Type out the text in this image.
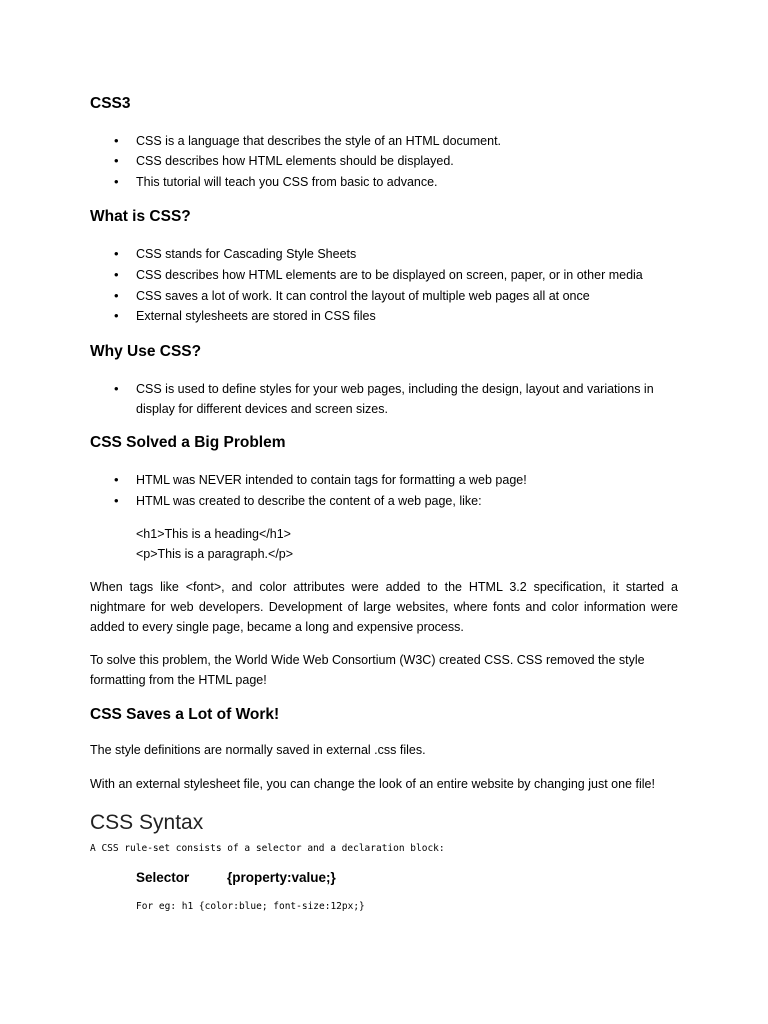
CSS3
• CSS is a language that describes the style of an HTML document.
• CSS describes how HTML elements should be displayed.
• This tutorial will teach you CSS from basic to advance.
What is CSS?
• CSS stands for Cascading Style Sheets
• CSS describes how HTML elements are to be displayed on screen, paper, or in other media
• CSS saves a lot of work. It can control the layout of multiple web pages all at once
• External stylesheets are stored in CSS files
Why Use CSS?
• CSS is used to define styles for your web pages, including the design, layout and variations in display for different devices and screen sizes.
CSS Solved a Big Problem
• HTML was NEVER intended to contain tags for formatting a web page!
• HTML was created to describe the content of a web page, like:
<h1>This is a heading</h1>
<p>This is a paragraph.</p>

When tags like <font>, and color attributes were added to the HTML 3.2 specification, it started a nightmare for web developers. Development of large websites, where fonts and color information were added to every single page, became a long and expensive process.

To solve this problem, the World Wide Web Consortium (W3C) created CSS. CSS removed the style formatting from the HTML page!

CSS Saves a Lot of Work!

The style definitions are normally saved in external .css files.

With an external stylesheet file, you can change the look of an entire website by changing just one file!

CSS Syntax
A CSS rule-set consists of a selector and a declaration block:
Selector	{property:value;}
For eg: h1 {color:blue; font-size:12px;}
